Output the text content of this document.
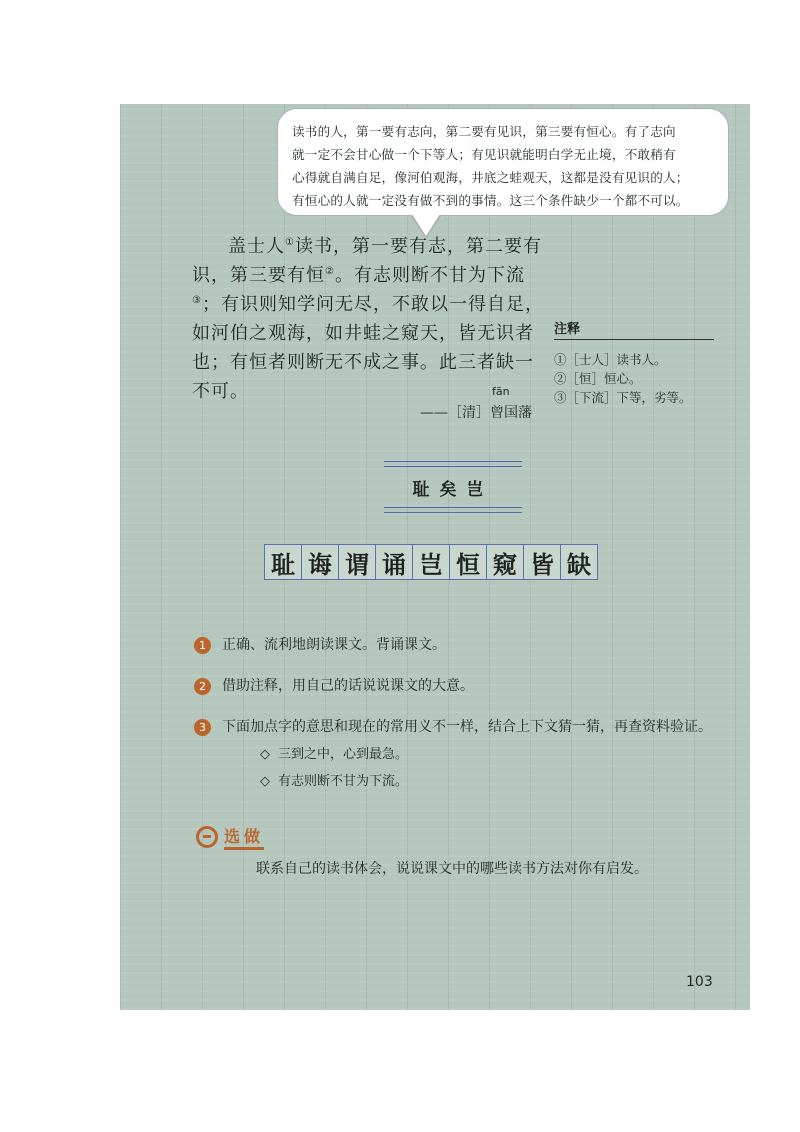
读书的人，第一要有志向，第二要有见识，第三要有恒心。有了志向
就一定不会甘心做一个下等人；有见识就能明白学无止境，不敢稍有
心得就自满自足，像河伯观海，井底之蛙观天，这都是没有见识的人；
有恒心的人就一定没有做不到的事情。这三个条件缺少一个都不可以。

盖士人①读书，第一要有志，第二要有识，第三要有恒②。有志则断不甘为下流③；有识则知学问无尽，不敢以一得自足，如河伯之观海，如井蛙之窥天，皆无识者也；有恒者则断无不成之事。此三者缺一不可。	fān
——［清］曾国藩
注释
①［士人］读书人。
②［恒］恒心。
③［下流］下等，劣等。
耻矣岂
耻 诲 谓 诵 岂 恒 窥 皆 缺
1	正确、流利地朗读课文。背诵课文。
2	借助注释，用自己的话说说课文的大意。
3	下面加点字的意思和现在的常用义不一样，结合上下文猜一猜，再查资料验证。
◇ 三到之中，心到最急。
◇ 有志则断不甘为下流。
选做
联系自己的读书体会，说说课文中的哪些读书方法对你有启发。
103
